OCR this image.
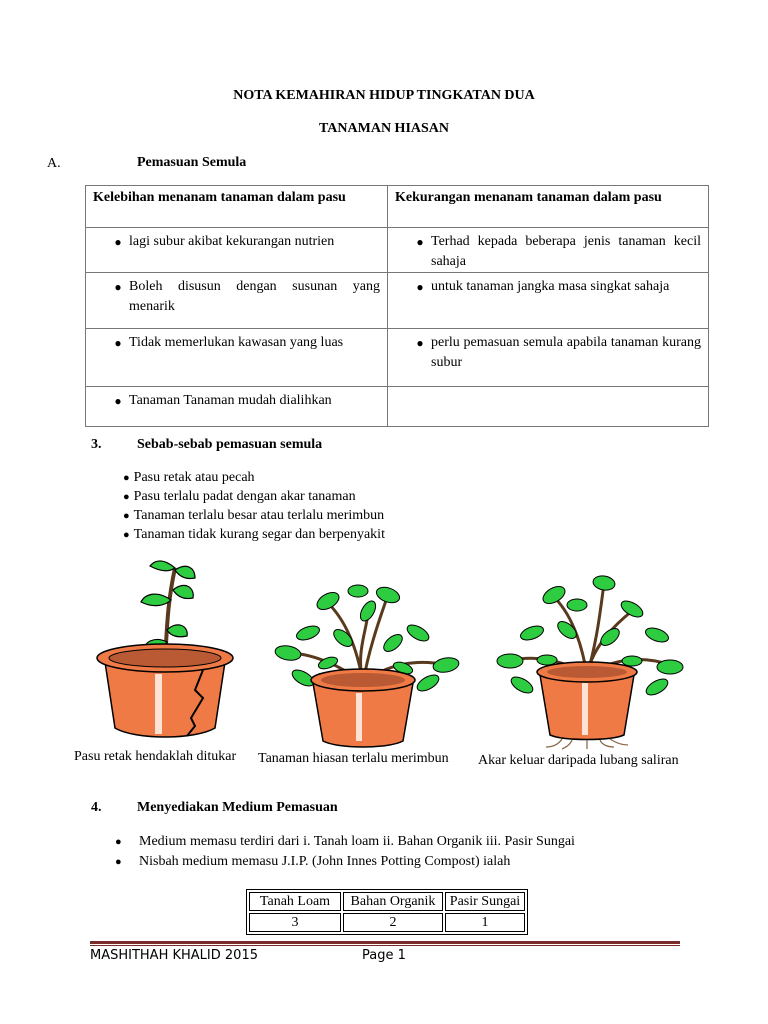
NOTA KEMAHIRAN HIDUP TINGKATAN DUA
TANAMAN HIASAN
A.	Pemasuan Semula
Kelebihan menanam tanaman dalam pasu	Kekurangan menanam tanaman dalam pasu

● lagi subur akibat kekurangan nutrien	● Terhad kepada beberapa jenis tanaman kecil sahaja

● Boleh disusun dengan susunan yang menarik	● untuk tanaman jangka masa singkat sahaja

● Tidak memerlukan kawasan yang luas	● perlu pemasuan semula apabila tanaman kurang subur

● Tanaman Tanaman mudah dialihkan	

3.	Sebab-sebab pemasuan semula
● Pasu retak atau pecah
● Pasu terlalu padat dengan akar tanaman
● Tanaman terlalu besar atau terlalu merimbun
● Tanaman tidak kurang segar dan berpenyakit
Pasu retak hendaklah ditukar Tanaman hiasan terlalu merimbun Akar keluar daripada lubang saliran
4.	Menyediakan Medium Pemasuan
●	Medium memasu terdiri dari i. Tanah loam ii. Bahan Organik iii. Pasir Sungai
●	Nisbah medium memasu J.I.P. (John Innes Potting Compost) ialah
Tanah Loam	Bahan Organik	Pasir Sungai
3	2	1
MASHITHAH KHALID 2015	Page 1
